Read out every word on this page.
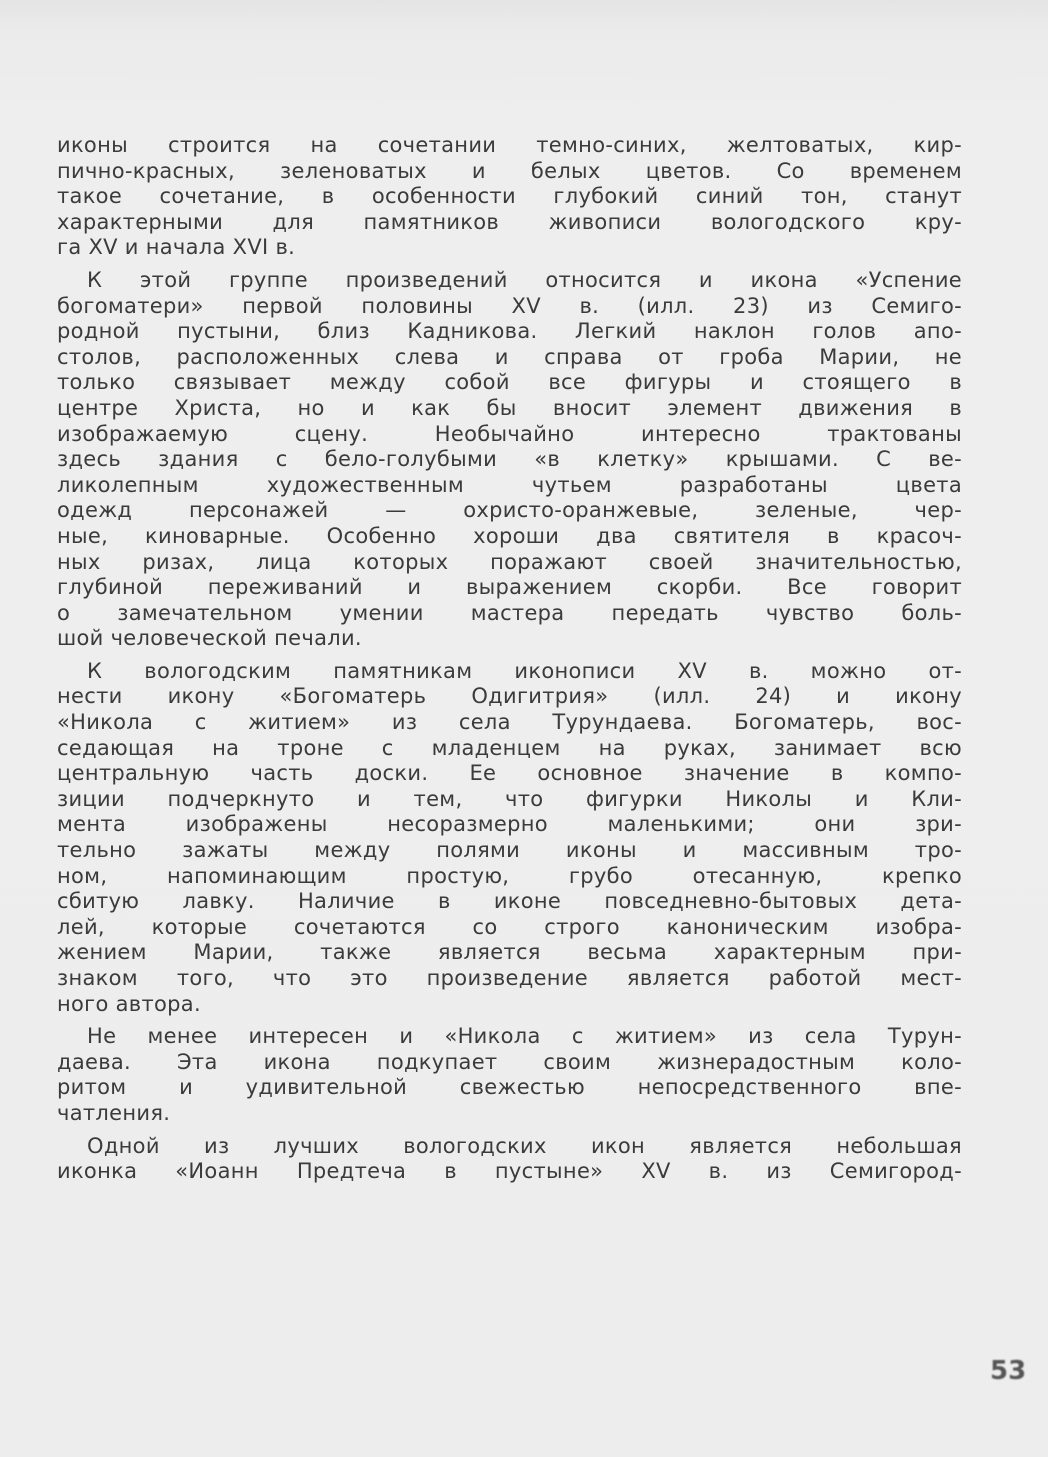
иконы строится на сочетании темно-синих, желтоватых, кир-
пично-красных, зеленоватых и белых цветов. Со временем
такое сочетание, в особенности глубокий синий тон, станут
характерными для памятников живописи вологодского кру-
га XV и начала XVI в.
К этой группе произведений относится и икона «Успение
богоматери» первой половины XV в. (илл. 23) из Семиго-
родной пустыни, близ Кадникова. Легкий наклон голов апо-
столов, расположенных слева и справа от гроба Марии, не
только связывает между собой все фигуры и стоящего в
центре Христа, но и как бы вносит элемент движения в
изображаемую сцену. Необычайно интересно трактованы
здесь здания с бело-голубыми «в клетку» крышами. С ве-
ликолепным художественным чутьем разработаны цвета
одежд персонажей — охристо-оранжевые, зеленые, чер-
ные, киноварные. Особенно хороши два святителя в красоч-
ных ризах, лица которых поражают своей значительностью,
глубиной переживаний и выражением скорби. Все говорит
о замечательном умении мастера передать чувство боль-
шой человеческой печали.
К вологодским памятникам иконописи XV в. можно от-
нести икону «Богоматерь Одигитрия» (илл. 24) и икону
«Никола с житием» из села Турундаева. Богоматерь, вос-
седающая на троне с младенцем на руках, занимает всю
центральную часть доски. Ее основное значение в компо-
зиции подчеркнуто и тем, что фигурки Николы и Кли-
мента изображены несоразмерно маленькими; они зри-
тельно зажаты между полями иконы и массивным тро-
ном, напоминающим простую, грубо отесанную, крепко
сбитую лавку. Наличие в иконе повседневно-бытовых дета-
лей, которые сочетаются со строго каноническим изобра-
жением Марии, также является весьма характерным при-
знаком того, что это произведение является работой мест-
ного автора.
Не менее интересен и «Никола с житием» из села Турун-
даева. Эта икона подкупает своим жизнерадостным коло-
ритом и удивительной свежестью непосредственного впе-
чатления.
Одной из лучших вологодских икон является небольшая
иконка «Иоанн Предтеча в пустыне» XV в. из Семигород-
53
